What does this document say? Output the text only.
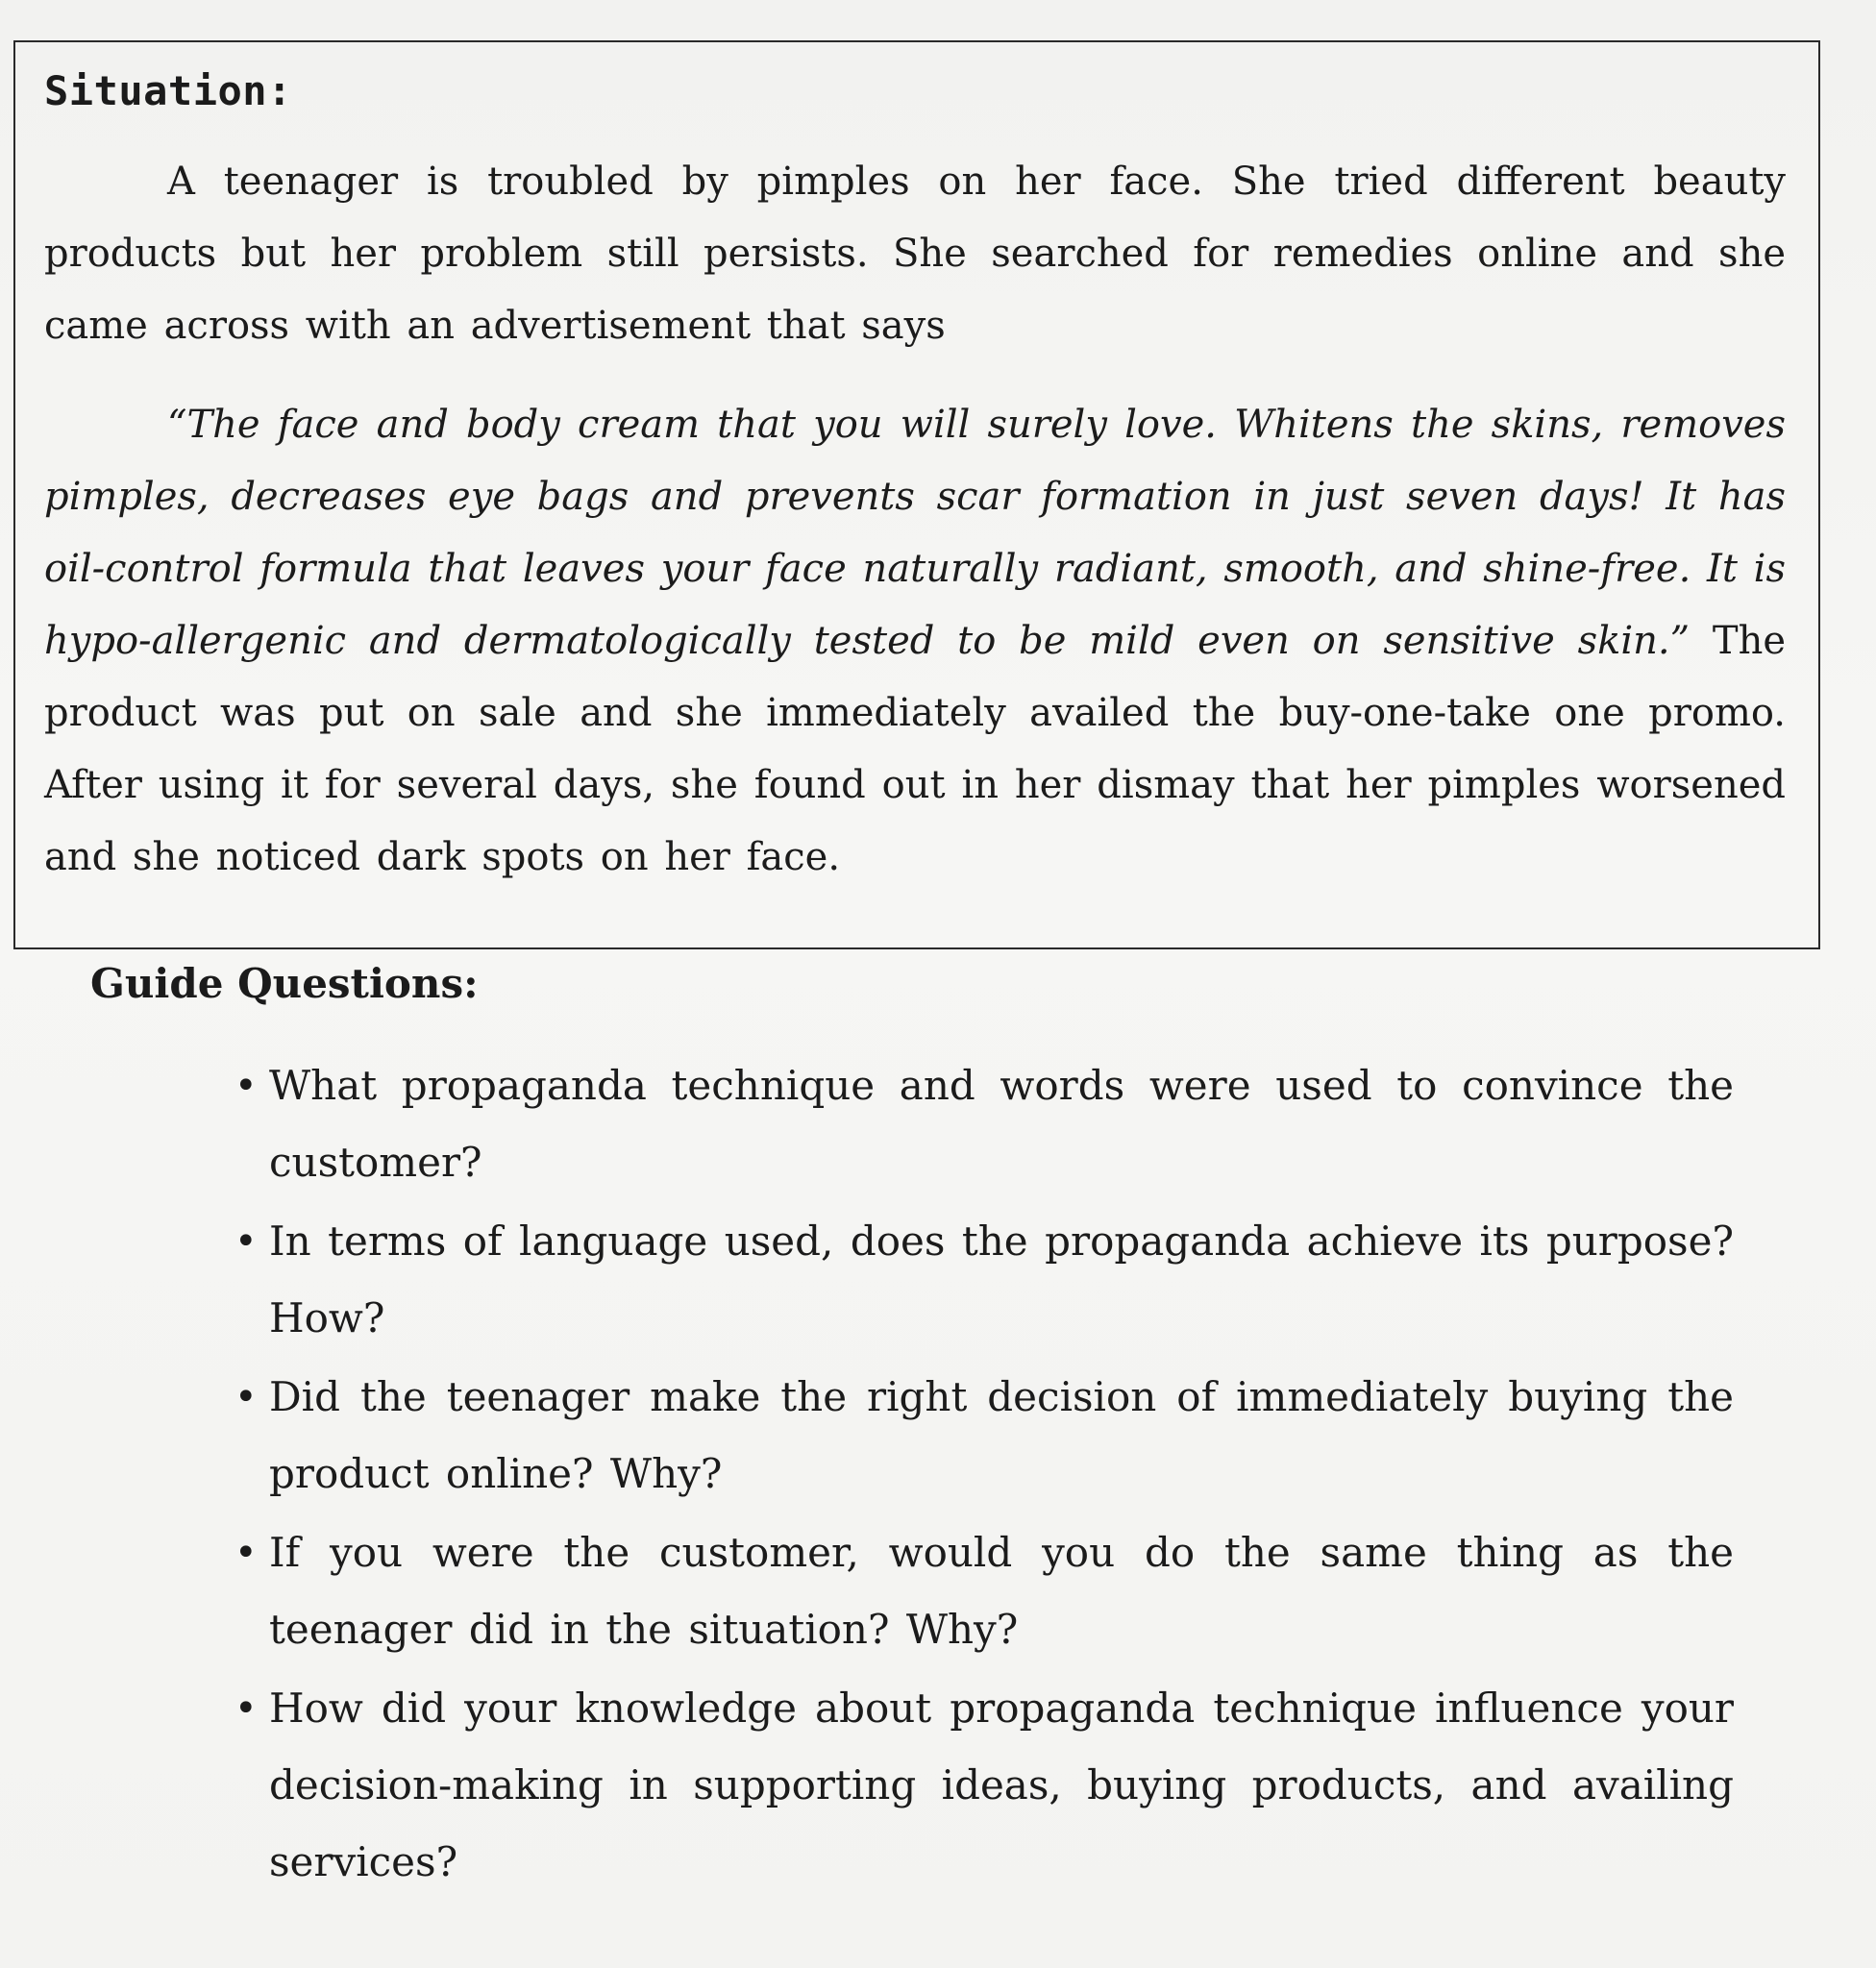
Situation:

A teenager is troubled by pimples on her face. She tried different beauty products but her problem still persists. She searched for remedies online and she came across with an advertisement that says

“The face and body cream that you will surely love. Whitens the skins, removes pimples, decreases eye bags and prevents scar formation in just seven days! It has oil-control formula that leaves your face naturally radiant, smooth, and shine-free. It is hypo-allergenic and dermatologically tested to be mild even on sensitive skin.” The product was put on sale and she immediately availed the buy-one-take one promo. After using it for several days, she found out in her dismay that her pimples worsened and she noticed dark spots on her face.

Guide Questions:
• What propaganda technique and words were used to convince the customer?
• In terms of language used, does the propaganda achieve its purpose? How?
• Did the teenager make the right decision of immediately buying the product online? Why?
• If you were the customer, would you do the same thing as the teenager did in the situation? Why?
• How did your knowledge about propaganda technique influence your decision-making in supporting ideas, buying products, and availing services?
